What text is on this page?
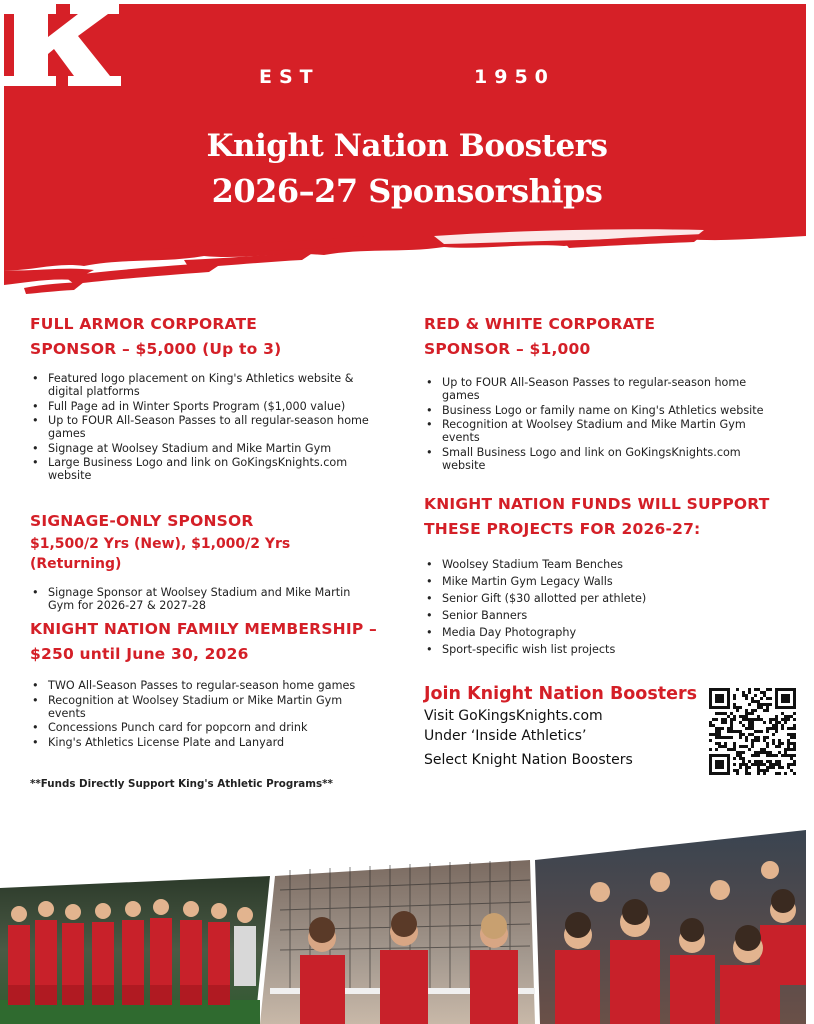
EST	1950
Knight Nation Boosters
2026–27 Sponsorships

FULL ARMOR CORPORATE

SPONSOR – $5,000 (Up to 3)

• Featured logo placement on King's Athletics website & digital platforms
• Full Page ad in Winter Sports Program ($1,000 value)
• Up to FOUR All-Season Passes to all regular-season home games
• Signage at Woolsey Stadium and Mike Martin Gym
• Large Business Logo and link on GoKingsKnights.com website

SIGNAGE-ONLY SPONSOR

$1,500/2 Yrs (New), $1,000/2 Yrs (Returning)

• Signage Sponsor at Woolsey Stadium and Mike Martin Gym for 2026-27 & 2027-28

KNIGHT NATION FAMILY MEMBERSHIP –

$250 until June 30, 2026

• TWO All-Season Passes to regular-season home games
• Recognition at Woolsey Stadium or Mike Martin Gym events
• Concessions Punch card for popcorn and drink
• King's Athletics License Plate and Lanyard
**Funds Directly Support King's Athletic Programs**

RED & WHITE CORPORATE

SPONSOR – $1,000

• Up to FOUR All-Season Passes to regular-season home games
• Business Logo or family name on King's Athletics website
• Recognition at Woolsey Stadium and Mike Martin Gym events
• Small Business Logo and link on GoKingsKnights.com website

KNIGHT NATION FUNDS WILL SUPPORT

THESE PROJECTS FOR 2026-27:

• Woolsey Stadium Team Benches
• Mike Martin Gym Legacy Walls
• Senior Gift ($30 allotted per athlete)
• Senior Banners
• Media Day Photography
• Sport-specific wish list projects

Join Knight Nation Boosters

Visit GoKingsKnights.com

Under ‘Inside Athletics’

Select Knight Nation Boosters
